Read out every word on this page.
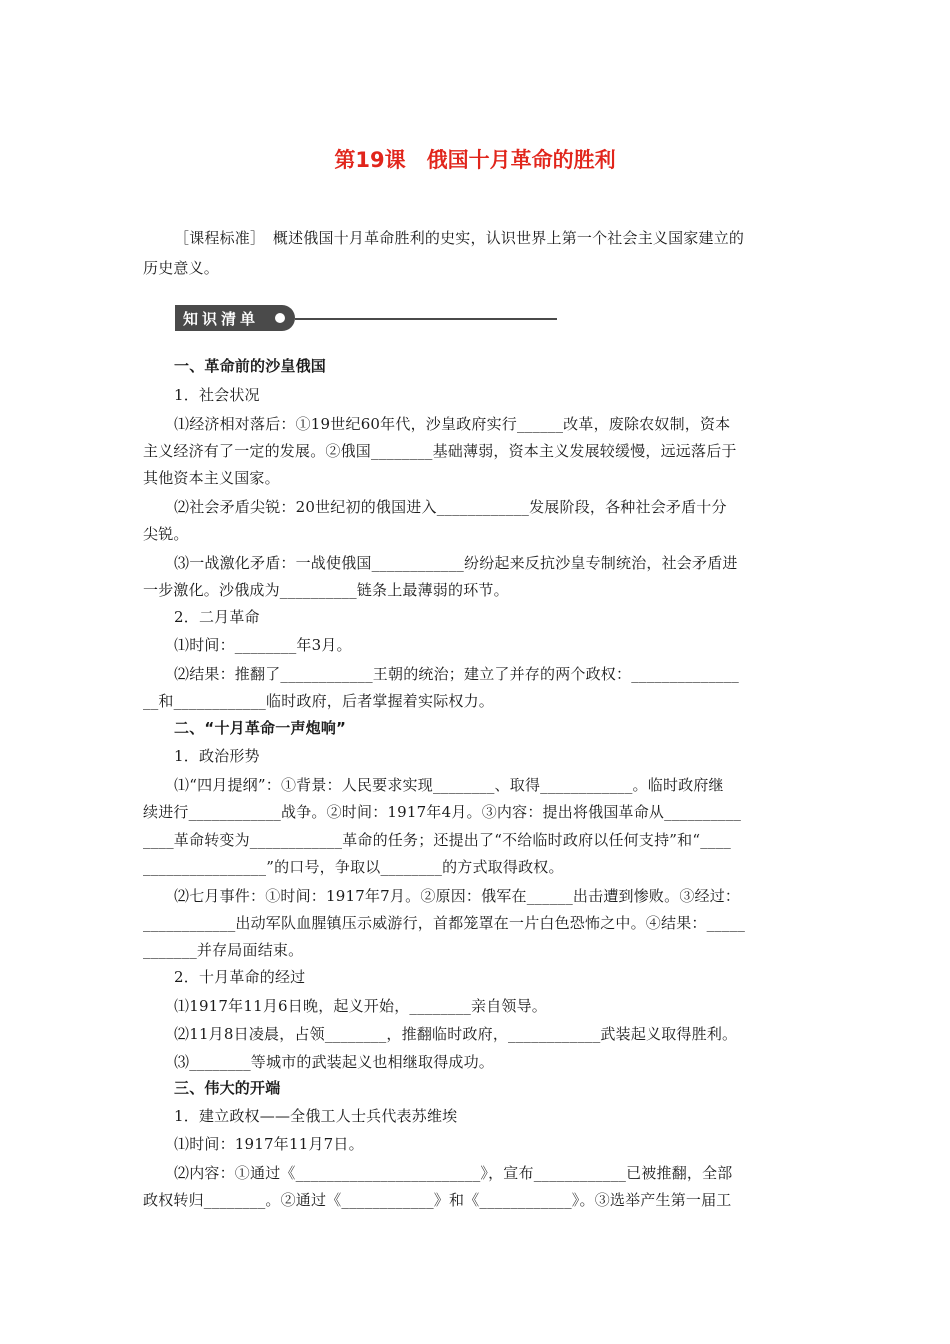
第19课　俄国十月革命的胜利
［课程标准］　概述俄国十月革命胜利的史实，认识世界上第一个社会主义国家建立的
历史意义。
知识清单
一、革命前的沙皇俄国
1．社会状况
⑴经济相对落后：①19世纪60年代，沙皇政府实行______改革，废除农奴制，资本
主义经济有了一定的发展。②俄国________基础薄弱，资本主义发展较缓慢，远远落后于
其他资本主义国家。
⑵社会矛盾尖锐：20世纪初的俄国进入____________发展阶段，各种社会矛盾十分
尖锐。
⑶一战激化矛盾：一战使俄国____________纷纷起来反抗沙皇专制统治，社会矛盾进
一步激化。沙俄成为__________链条上最薄弱的环节。
2．二月革命
⑴时间：________年3月。
⑵结果：推翻了____________王朝的统治；建立了并存的两个政权：______________
__和____________临时政府，后者掌握着实际权力。
二、“十月革命一声炮响”
1．政治形势
⑴“四月提纲”：①背景：人民要求实现________、取得____________。临时政府继
续进行____________战争。②时间：1917年4月。③内容：提出将俄国革命从__________
____革命转变为____________革命的任务；还提出了“不给临时政府以任何支持”和“____
________________”的口号，争取以________的方式取得政权。
⑵七月事件：①时间：1917年7月。②原因：俄军在______出击遭到惨败。③经过：
____________出动军队血腥镇压示威游行，首都笼罩在一片白色恐怖之中。④结果：_____
_______并存局面结束。
2．十月革命的经过
⑴1917年11月6日晚，起义开始，________亲自领导。
⑵11月8日凌晨，占领________，推翻临时政府，____________武装起义取得胜利。
⑶________等城市的武装起义也相继取得成功。
三、伟大的开端
1．建立政权——全俄工人士兵代表苏维埃
⑴时间：1917年11月7日。
⑵内容：①通过《________________________》，宣布____________已被推翻，全部
政权转归________。②通过《____________》和《____________》。③选举产生第一届工
